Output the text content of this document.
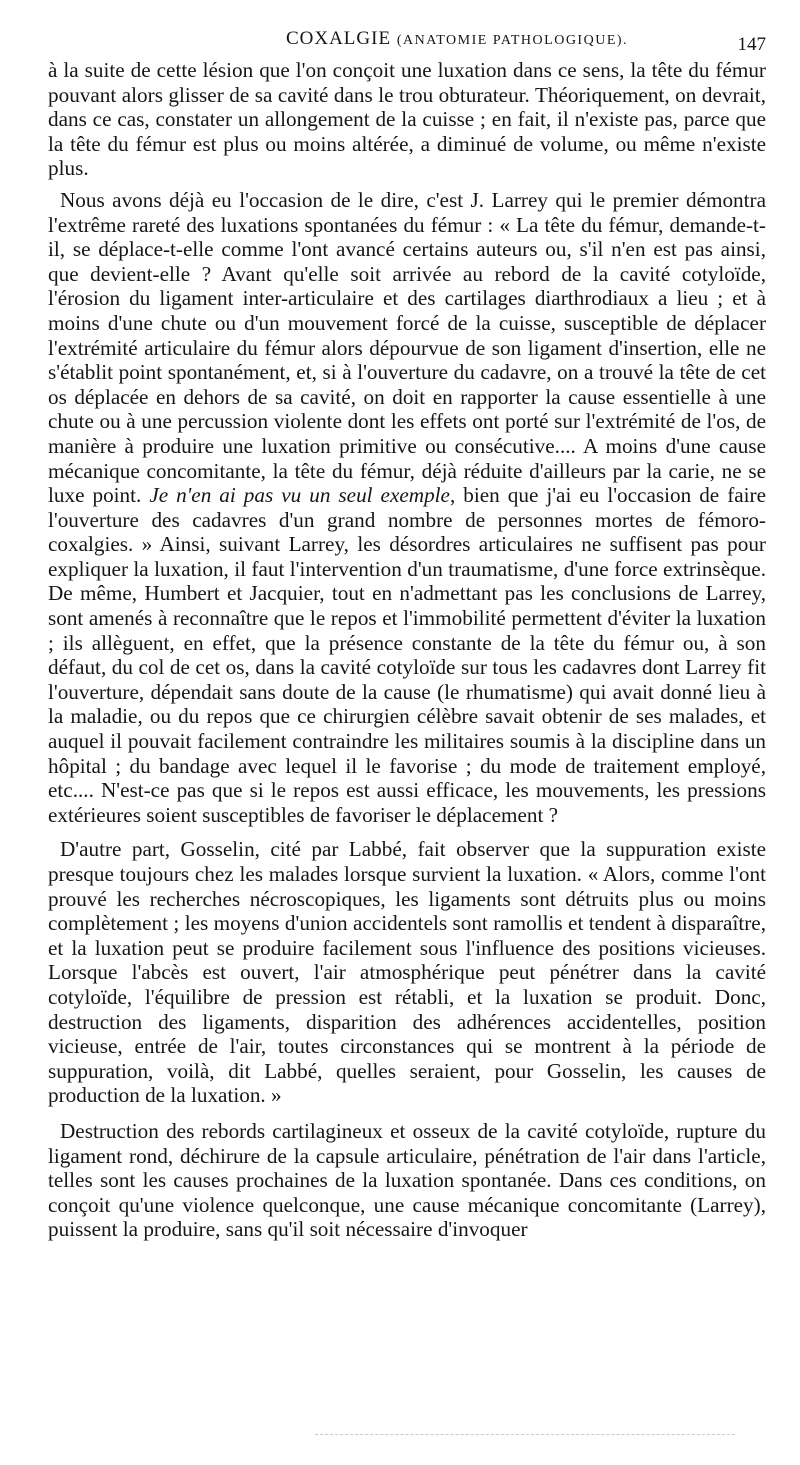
COXALGIE (ANATOMIE PATHOLOGIQUE).	147

à la suite de cette lésion que l'on conçoit une luxation dans ce sens, la tête du fémur pouvant alors glisser de sa cavité dans le trou obturateur. Théoriquement, on devrait, dans ce cas, constater un allongement de la cuisse ; en fait, il n'existe pas, parce que la tête du fémur est plus ou moins altérée, a diminué de volume, ou même n'existe plus.

Nous avons déjà eu l'occasion de le dire, c'est J. Larrey qui le premier démontra l'extrême rareté des luxations spontanées du fémur : « La tête du fémur, demande-t-il, se déplace-t-elle comme l'ont avancé certains auteurs ou, s'il n'en est pas ainsi, que devient-elle ? Avant qu'elle soit arrivée au rebord de la cavité cotyloïde, l'érosion du ligament inter-articulaire et des cartilages diarthrodiaux a lieu ; et à moins d'une chute ou d'un mouvement forcé de la cuisse, susceptible de déplacer l'extrémité articulaire du fémur alors dépourvue de son ligament d'insertion, elle ne s'établit point spontanément, et, si à l'ouverture du cadavre, on a trouvé la tête de cet os déplacée en dehors de sa cavité, on doit en rapporter la cause essentielle à une chute ou à une percussion violente dont les effets ont porté sur l'extrémité de l'os, de manière à produire une luxation primitive ou consécutive.... A moins d'une cause mécanique concomitante, la tête du fémur, déjà réduite d'ailleurs par la carie, ne se luxe point. Je n'en ai pas vu un seul exemple, bien que j'ai eu l'occasion de faire l'ouverture des cadavres d'un grand nombre de personnes mortes de fémoro-coxalgies. » Ainsi, suivant Larrey, les désordres articulaires ne suffisent pas pour expliquer la luxation, il faut l'intervention d'un traumatisme, d'une force extrinsèque. De même, Humbert et Jacquier, tout en n'admettant pas les conclusions de Larrey, sont amenés à reconnaître que le repos et l'immobilité permettent d'éviter la luxation ; ils allèguent, en effet, que la présence constante de la tête du fémur ou, à son défaut, du col de cet os, dans la cavité cotyloïde sur tous les cadavres dont Larrey fit l'ouverture, dépendait sans doute de la cause (le rhumatisme) qui avait donné lieu à la maladie, ou du repos que ce chirurgien célèbre savait obtenir de ses malades, et auquel il pouvait facilement contraindre les militaires soumis à la discipline dans un hôpital ; du bandage avec lequel il le favorise ; du mode de traitement employé, etc.... N'est-ce pas que si le repos est aussi efficace, les mouvements, les pressions extérieures soient susceptibles de favoriser le déplacement ?

D'autre part, Gosselin, cité par Labbé, fait observer que la suppuration existe presque toujours chez les malades lorsque survient la luxation. « Alors, comme l'ont prouvé les recherches nécroscopiques, les ligaments sont détruits plus ou moins complètement ; les moyens d'union accidentels sont ramollis et tendent à disparaître, et la luxation peut se produire facilement sous l'influence des positions vicieuses. Lorsque l'abcès est ouvert, l'air atmosphérique peut pénétrer dans la cavité cotyloïde, l'équilibre de pression est rétabli, et la luxation se produit. Donc, destruction des ligaments, disparition des adhérences accidentelles, position vicieuse, entrée de l'air, toutes circonstances qui se montrent à la période de suppuration, voilà, dit Labbé, quelles seraient, pour Gosselin, les causes de production de la luxation. »

Destruction des rebords cartilagineux et osseux de la cavité cotyloïde, rupture du ligament rond, déchirure de la capsule articulaire, pénétration de l'air dans l'article, telles sont les causes prochaines de la luxation spontanée. Dans ces conditions, on conçoit qu'une violence quelconque, une cause mécanique concomitante (Larrey), puissent la produire, sans qu'il soit nécessaire d'invoquer
